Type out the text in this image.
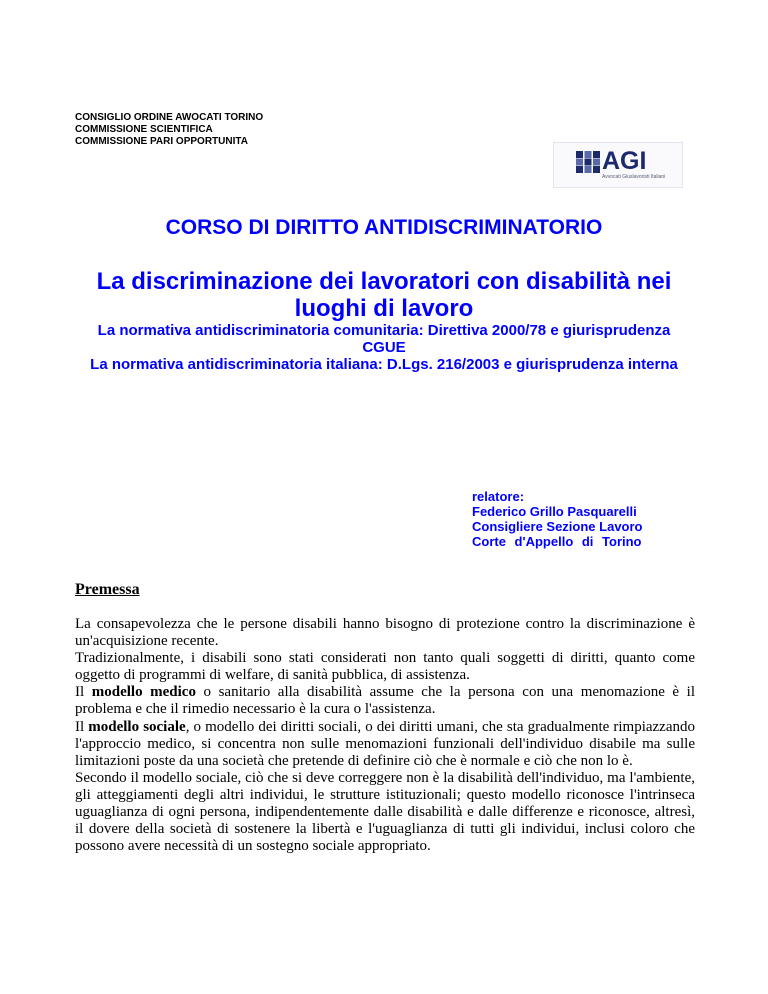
CONSIGLIO ORDINE AWOCATI TORINO
COMMISSIONE SCIENTIFICA
COMMISSIONE PARI OPPORTUNITA
AGI
Avvocati Giuslavoristi Italiani
CORSO DI DIRITTO ANTIDISCRIMINATORIO
La discriminazione dei lavoratori con disabilità nei luoghi di lavoro
La normativa antidiscriminatoria comunitaria: Direttiva 2000/78 e giurisprudenza CGUE
La normativa antidiscriminatoria italiana: D.Lgs. 216/2003 e giurisprudenza interna
relatore:
Federico Grillo Pasquarelli
Consigliere Sezione Lavoro
Corte d'Appello di Torino
Premessa

La consapevolezza che le persone disabili hanno bisogno di protezione contro la discriminazione è un'acquisizione recente.

Tradizionalmente, i disabili sono stati considerati non tanto quali soggetti di diritti, quanto come oggetto di programmi di welfare, di sanità pubblica, di assistenza.

Il modello medico o sanitario alla disabilità assume che la persona con una menomazione è il problema e che il rimedio necessario è la cura o l'assistenza.

Il modello sociale, o modello dei diritti sociali, o dei diritti umani, che sta gradualmente rimpiazzando l'approccio medico, si concentra non sulle menomazioni funzionali dell'individuo disabile ma sulle limitazioni poste da una società che pretende di definire ciò che è normale e ciò che non lo è.

Secondo il modello sociale, ciò che si deve correggere non è la disabilità dell'individuo, ma l'ambiente, gli atteggiamenti degli altri individui, le strutture istituzionali; questo modello riconosce l'intrinseca uguaglianza di ogni persona, indipendentemente dalle disabilità e dalle differenze e riconosce, altresì, il dovere della società di sostenere la libertà e l'uguaglianza di tutti gli individui, inclusi coloro che possono avere necessità di un sostegno sociale appropriato.
